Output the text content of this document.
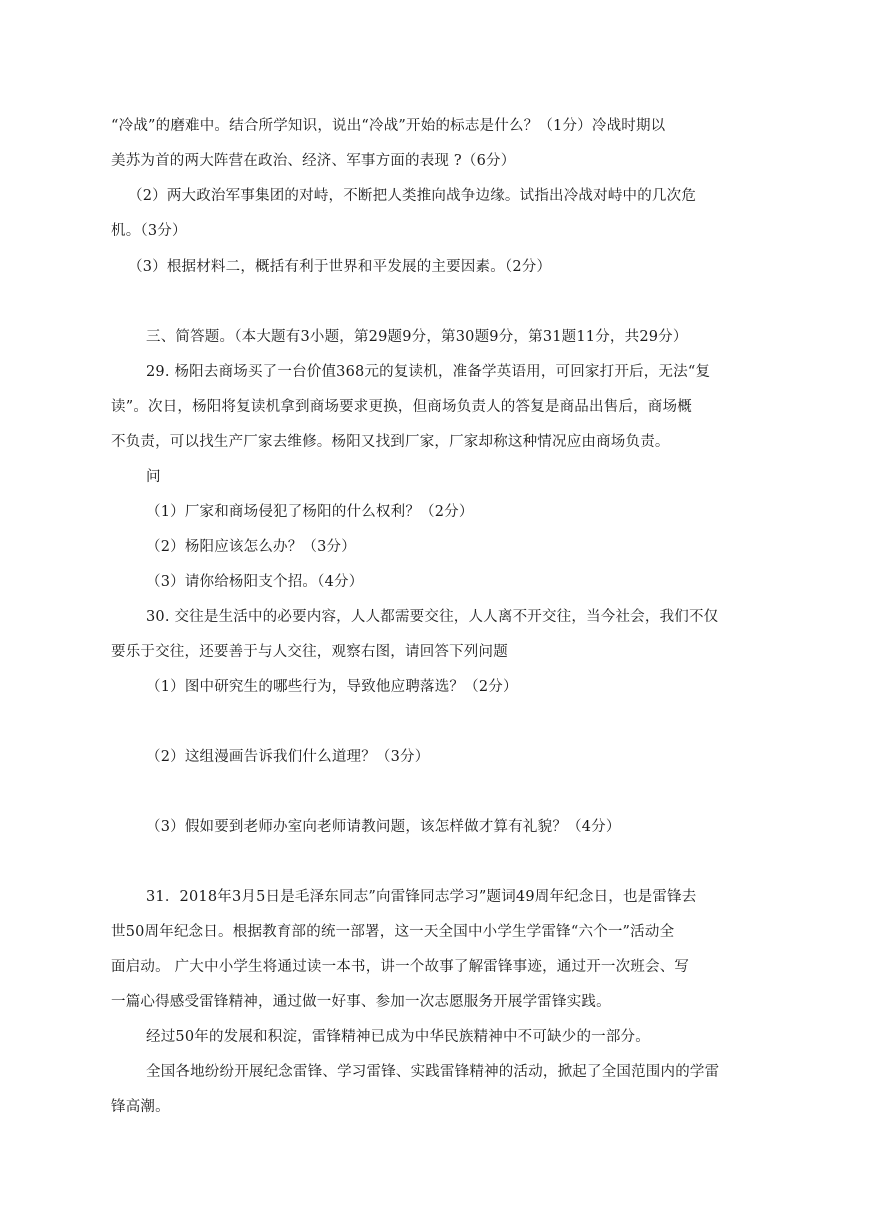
“冷战”的磨难中。结合所学知识，说出“冷战”开始的标志是什么？（1分）冷战时期以
美苏为首的两大阵营在政治、经济、军事方面的表现 ?（6分）
（2）两大政治军事集团的对峙，不断把人类推向战争边缘。试指出冷战对峙中的几次危
机。（3分）
（3）根据材料二，概括有利于世界和平发展的主要因素。（2分）
三、简答题。（本大题有3小题，第29题9分，第30题9分，第31题11分，共29分）
29. 杨阳去商场买了一台价值368元的复读机，准备学英语用，可回家打开后，无法“复
读”。次日，杨阳将复读机拿到商场要求更换，但商场负责人的答复是商品出售后，商场概
不负责，可以找生产厂家去维修。杨阳又找到厂家，厂家却称这种情况应由商场负责。
问
（1）厂家和商场侵犯了杨阳的什么权利？（2分）
（2）杨阳应该怎么办？（3分）
（3）请你给杨阳支个招。（4分）
30. 交往是生活中的必要内容，人人都需要交往，人人离不开交往，当今社会，我们不仅
要乐于交往，还要善于与人交往，观察右图，请回答下列问题
（1）图中研究生的哪些行为，导致他应聘落选？（2分）
（2）这组漫画告诉我们什么道理？（3分）
（3）假如要到老师办室向老师请教问题，该怎样做才算有礼貌？（4分）
31．2018年3月5日是毛泽东同志”向雷锋同志学习”题词49周年纪念日，也是雷锋去
世50周年纪念日。根据教育部的统一部署，这一天全国中小学生学雷锋“六个一”活动全
面启动。 广大中小学生将通过读一本书，讲一个故事了解雷锋事迹，通过开一次班会、写
一篇心得感受雷锋精神，通过做一好事、参加一次志愿服务开展学雷锋实践。
经过50年的发展和积淀，雷锋精神已成为中华民族精神中不可缺少的一部分。
全国各地纷纷开展纪念雷锋、学习雷锋、实践雷锋精神的活动，掀起了全国范围内的学雷
锋高潮。
